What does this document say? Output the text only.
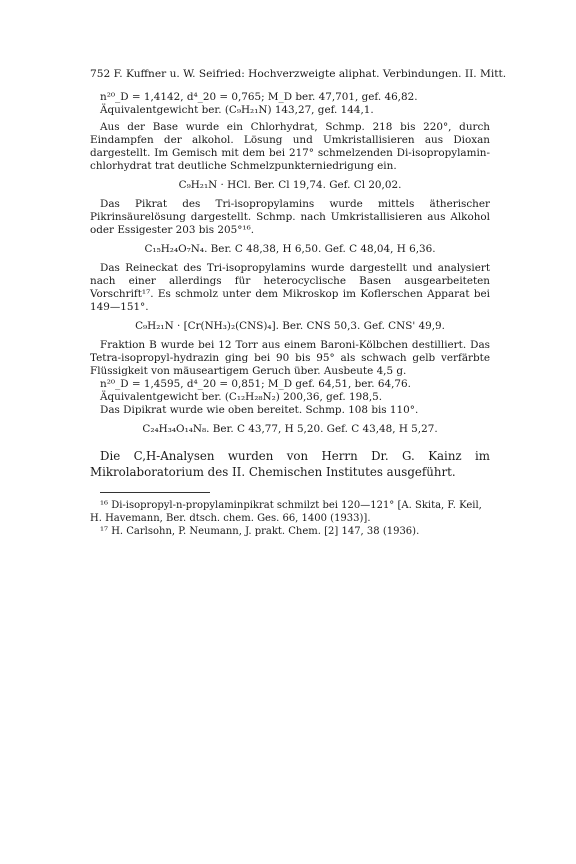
752 F. Kuffner u. W. Seifried: Hochverzweigte aliphat. Verbindungen. II. Mitt.
n²⁰_D = 1,4142, d⁴_20 = 0,765; M_D ber. 47,701, gef. 46,82.
Äquivalentgewicht ber. (C₉H₂₁N) 143,27, gef. 144,1.
Aus der Base wurde ein Chlorhydrat, Schmp. 218 bis 220°, durch Eindampfen der alkohol. Lösung und Umkristallisieren aus Dioxan dargestellt. Im Gemisch mit dem bei 217° schmelzenden Di-isopropylamin-chlorhydrat trat deutliche Schmelzpunkterniedrigung ein.
C₉H₂₁N · HCl. Ber. Cl 19,74. Gef. Cl 20,02.
Das Pikrat des Tri-isopropylamins wurde mittels ätherischer Pikrinsäurelösung dargestellt. Schmp. nach Umkristallisieren aus Alkohol oder Essigester 203 bis 205°¹⁶.
C₁₅H₂₄O₇N₄. Ber. C 48,38, H 6,50. Gef. C 48,04, H 6,36.
Das Reineckat des Tri-isopropylamins wurde dargestellt und analysiert nach einer allerdings für heterocyclische Basen ausgearbeiteten Vorschrift¹⁷. Es schmolz unter dem Mikroskop im Koflerschen Apparat bei 149—151°.
C₉H₂₁N · [Cr(NH₃)₂(CNS)₄]. Ber. CNS 50,3. Gef. CNS' 49,9.
Fraktion B wurde bei 12 Torr aus einem Baroni-Kölbchen destilliert. Das Tetra-isopropyl-hydrazin ging bei 90 bis 95° als schwach gelb verfärbte Flüssigkeit von mäuseartigem Geruch über. Ausbeute 4,5 g.
n²⁰_D = 1,4595, d⁴_20 = 0,851; M_D gef. 64,51, ber. 64,76.
Äquivalentgewicht ber. (C₁₂H₂₈N₂) 200,36, gef. 198,5.
Das Dipikrat wurde wie oben bereitet. Schmp. 108 bis 110°.
C₂₄H₃₄O₁₄N₈. Ber. C 43,77, H 5,20. Gef. C 43,48, H 5,27.
Die C,H-Analysen wurden von Herrn Dr. G. Kainz im Mikrolaboratorium des II. Chemischen Institutes ausgeführt.
¹⁶ Di-isopropyl-n-propylaminpikrat schmilzt bei 120—121° [A. Skita, F. Keil, H. Havemann, Ber. dtsch. chem. Ges. 66, 1400 (1933)].
¹⁷ H. Carlsohn, P. Neumann, J. prakt. Chem. [2] 147, 38 (1936).
